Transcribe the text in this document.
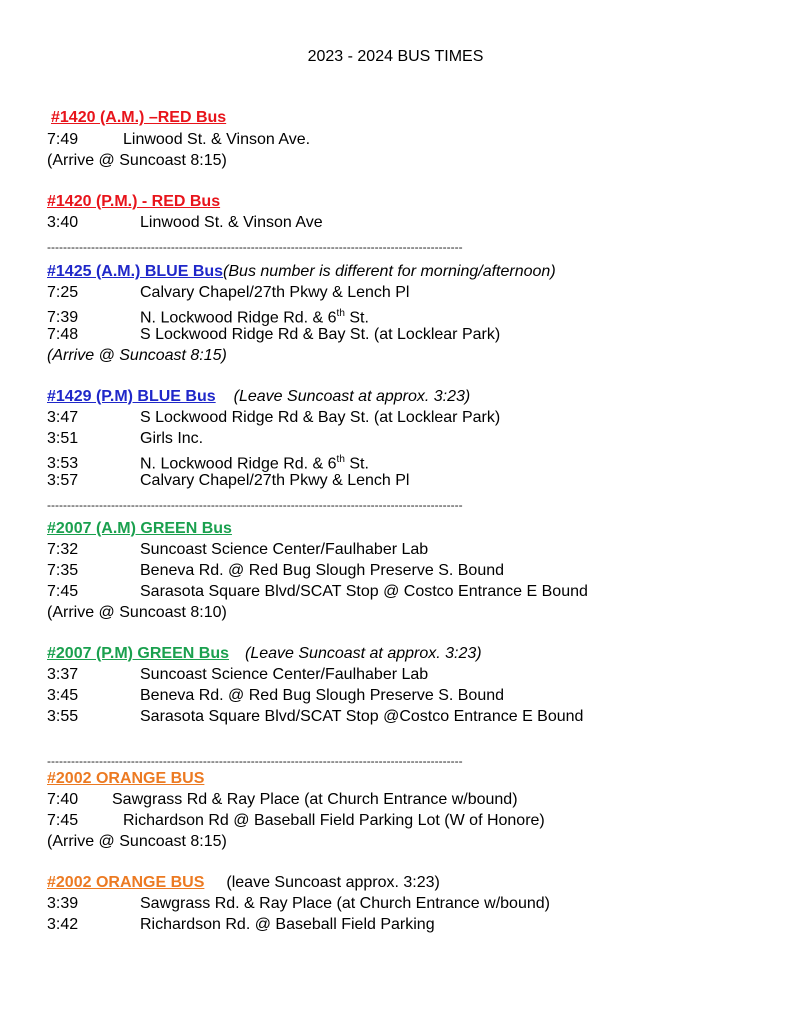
2023 - 2024 BUS TIMES
#1420 (A.M.) –RED Bus
7:49	Linwood St. & Vinson Ave.
(Arrive @ Suncoast 8:15)
#1420 (P.M.) - RED Bus
3:40	Linwood St. & Vinson Ave
--------------------------------------------------------------------------------------------------------
#1425 (A.M.) BLUE Bus(Bus number is different for morning/afternoon)
7:25	Calvary Chapel/27th Pkwy & Lench Pl
7:39	N. Lockwood Ridge Rd. & 6th St.
7:48	S Lockwood Ridge Rd & Bay St. (at Locklear Park)
(Arrive @ Suncoast 8:15)
#1429 (P.M) BLUE Bus (Leave Suncoast at approx. 3:23)
3:47	S Lockwood Ridge Rd & Bay St. (at Locklear Park)
3:51	Girls Inc.
3:53	N. Lockwood Ridge Rd. & 6th St.
3:57	Calvary Chapel/27th Pkwy & Lench Pl
--------------------------------------------------------------------------------------------------------
#2007 (A.M) GREEN Bus
7:32	Suncoast Science Center/Faulhaber Lab
7:35	Beneva Rd. @ Red Bug Slough Preserve S. Bound
7:45	Sarasota Square Blvd/SCAT Stop @ Costco Entrance E Bound
(Arrive @ Suncoast 8:10)
#2007 (P.M) GREEN Bus (Leave Suncoast at approx. 3:23)
3:37	Suncoast Science Center/Faulhaber Lab
3:45	Beneva Rd. @ Red Bug Slough Preserve S. Bound
3:55	Sarasota Square Blvd/SCAT Stop @Costco Entrance E Bound
--------------------------------------------------------------------------------------------------------
#2002 ORANGE BUS
7:40 Sawgrass Rd & Ray Place (at Church Entrance w/bound)
7:45	Richardson Rd @ Baseball Field Parking Lot (W of Honore)
(Arrive @ Suncoast 8:15)
#2002 ORANGE BUS (leave Suncoast approx. 3:23)
3:39	Sawgrass Rd. & Ray Place (at Church Entrance w/bound)
3:42	Richardson Rd. @ Baseball Field Parking
